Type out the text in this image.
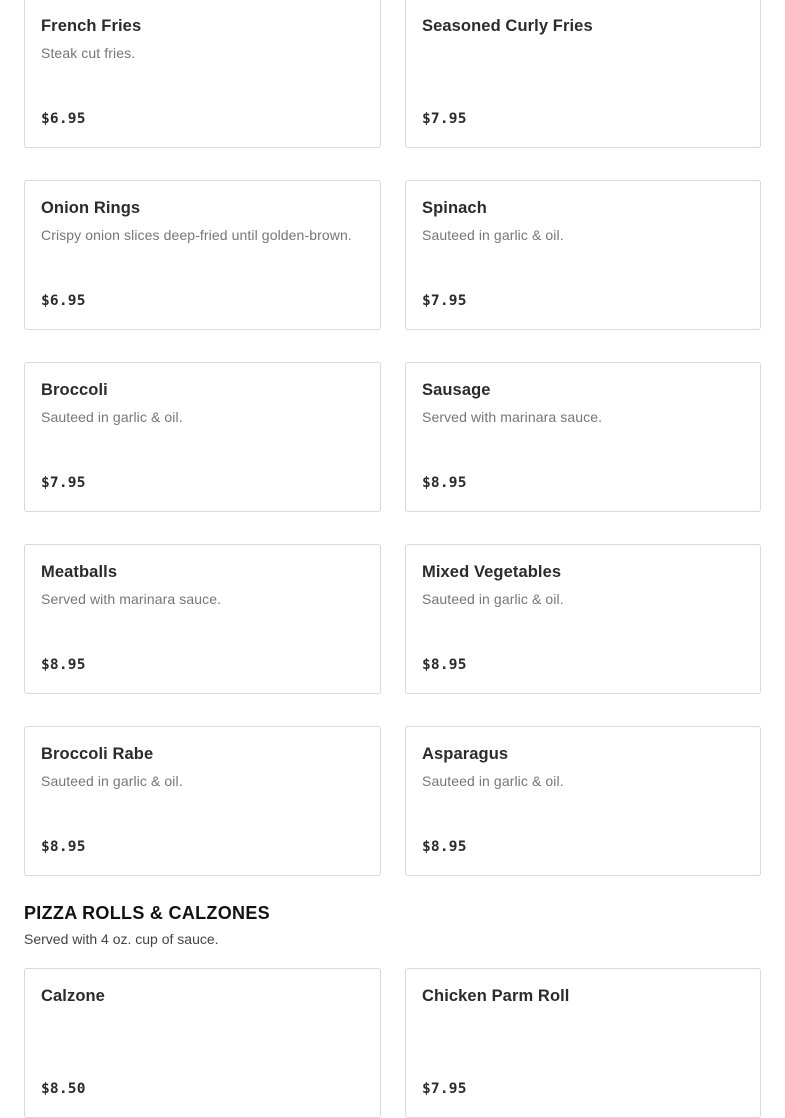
French Fries
Steak cut fries.
$6.95
Seasoned Curly Fries
$7.95
Onion Rings
Crispy onion slices deep-fried until golden-brown.
$6.95
Spinach
Sauteed in garlic & oil.
$7.95
Broccoli
Sauteed in garlic & oil.
$7.95
Sausage
Served with marinara sauce.
$8.95
Meatballs
Served with marinara sauce.
$8.95
Mixed Vegetables
Sauteed in garlic & oil.
$8.95
Broccoli Rabe
Sauteed in garlic & oil.
$8.95
Asparagus
Sauteed in garlic & oil.
$8.95
PIZZA ROLLS & CALZONES
Served with 4 oz. cup of sauce.
Calzone
$8.50
Chicken Parm Roll
$7.95
